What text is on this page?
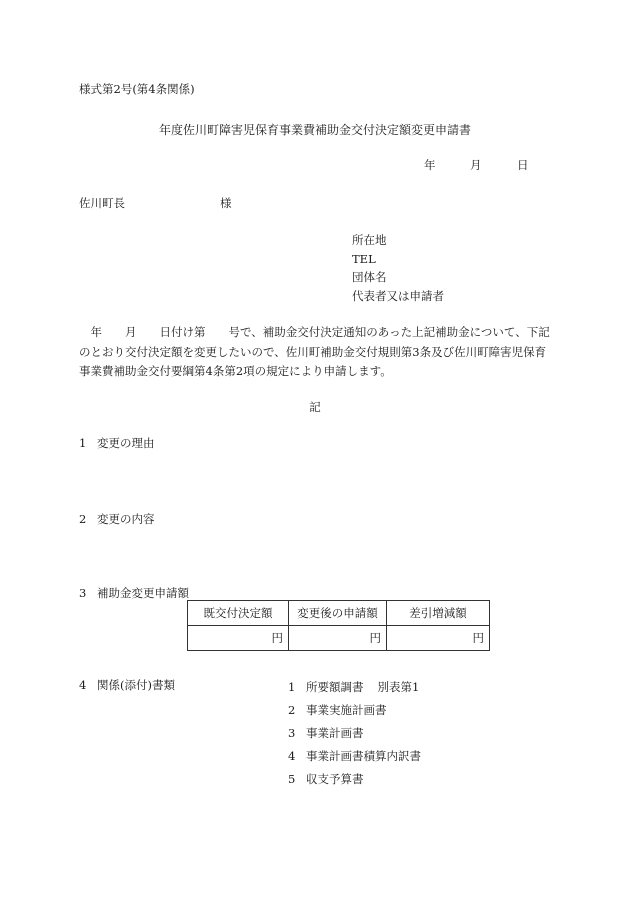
様式第2号(第4条関係)
年度佐川町障害児保育事業費補助金交付決定額変更申請書
年	月	日
佐川町長	様
所在地
TEL
団体名
代表者又は申請者
　年　　月　　日付け第　　号で、補助金交付決定通知のあった上記補助金について、下記
のとおり交付決定額を変更したいので、佐川町補助金交付規則第3条及び佐川町障害児保育
事業費補助金交付要綱第4条第2項の規定により申請します。
記
1 変更の理由
2 変更の内容
3 補助金変更申請額
既交付決定額	変更後の申請額	差引増減額
円	円	円
4 関係(添付)書類	1 所要額調書 別表第1
2 事業実施計画書
3 事業計画書
4 事業計画書積算内訳書
5 収支予算書
